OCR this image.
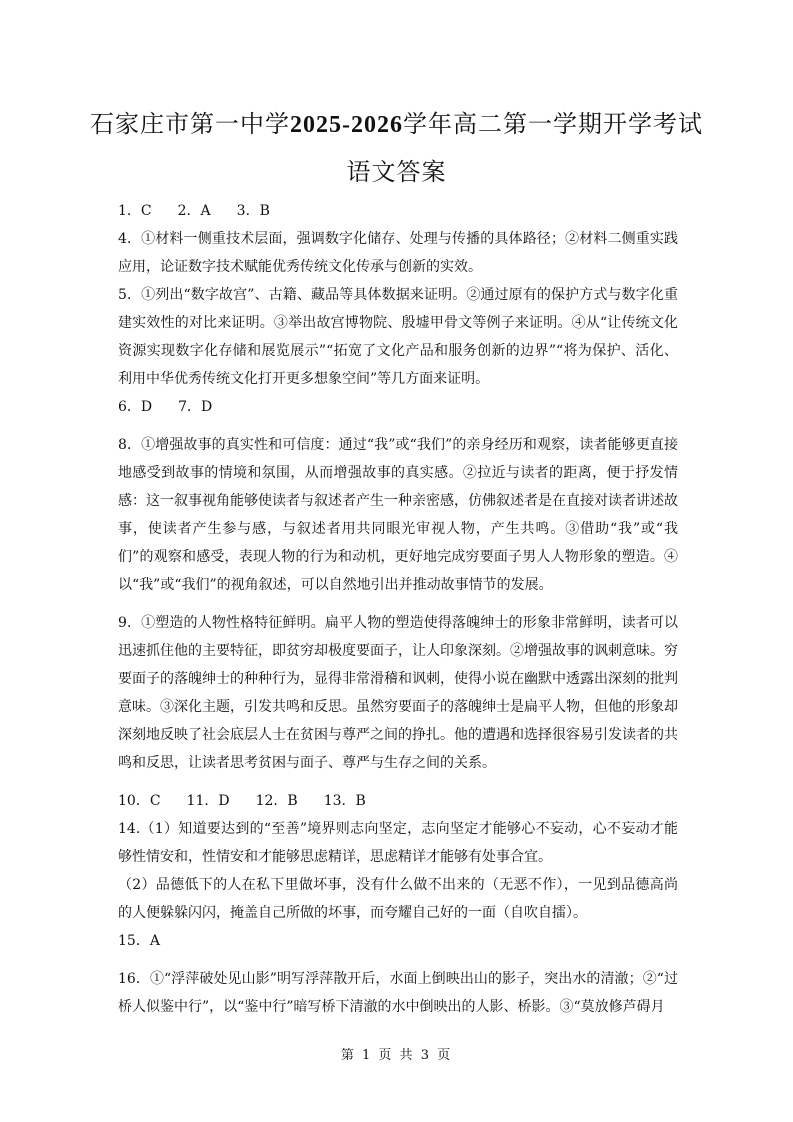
石家庄市第一中学2025-2026学年高二第一学期开学考试
语文答案

1．C 2．A 3．B

4．①材料一侧重技术层面，强调数字化储存、处理与传播的具体路径；②材料二侧重实践应用，论证数字技术赋能优秀传统文化传承与创新的实效。

5．①列出“数字故宫”、古籍、藏品等具体数据来证明。②通过原有的保护方式与数字化重建实效性的对比来证明。③举出故宫博物院、殷墟甲骨文等例子来证明。④从“让传统文化资源实现数字化存储和展览展示”“拓宽了文化产品和服务创新的边界”“将为保护、活化、利用中华优秀传统文化打开更多想象空间”等几方面来证明。

6．D 7．D

8．①增强故事的真实性和可信度：通过“我”或“我们”的亲身经历和观察，读者能够更直接地感受到故事的情境和氛围，从而增强故事的真实感。②拉近与读者的距离，便于抒发情感：这一叙事视角能够使读者与叙述者产生一种亲密感，仿佛叙述者是在直接对读者讲述故事，使读者产生参与感，与叙述者用共同眼光审视人物，产生共鸣。③借助“我”或“我们”的观察和感受，表现人物的行为和动机，更好地完成穷要面子男人人物形象的塑造。④以“我”或“我们”的视角叙述，可以自然地引出并推动故事情节的发展。

9．①塑造的人物性格特征鲜明。扁平人物的塑造使得落魄绅士的形象非常鲜明，读者可以迅速抓住他的主要特征，即贫穷却极度要面子，让人印象深刻。②增强故事的讽刺意味。穷要面子的落魄绅士的种种行为，显得非常滑稽和讽刺，使得小说在幽默中透露出深刻的批判意味。③深化主题，引发共鸣和反思。虽然穷要面子的落魄绅士是扁平人物，但他的形象却深刻地反映了社会底层人士在贫困与尊严之间的挣扎。他的遭遇和选择很容易引发读者的共鸣和反思，让读者思考贫困与面子、尊严与生存之间的关系。

10．C 11．D 12．B 13．B

14.（1）知道要达到的“至善”境界则志向坚定，志向坚定才能够心不妄动，心不妄动才能够性情安和，性情安和才能够思虑精详，思虑精详才能够有处事合宜。

（2）品德低下的人在私下里做坏事，没有什么做不出来的（无恶不作），一见到品德高尚的人便躲躲闪闪，掩盖自己所做的坏事，而夸耀自己好的一面（自吹自擂）。

15．A

16．①“浮萍破处见山影”明写浮萍散开后，水面上倒映出山的影子，突出水的清澈；②“过桥人似鉴中行”，以“鉴中行”暗写桥下清澈的水中倒映出的人影、桥影。③“莫放修芦碍月

第 1 页 共 3 页
